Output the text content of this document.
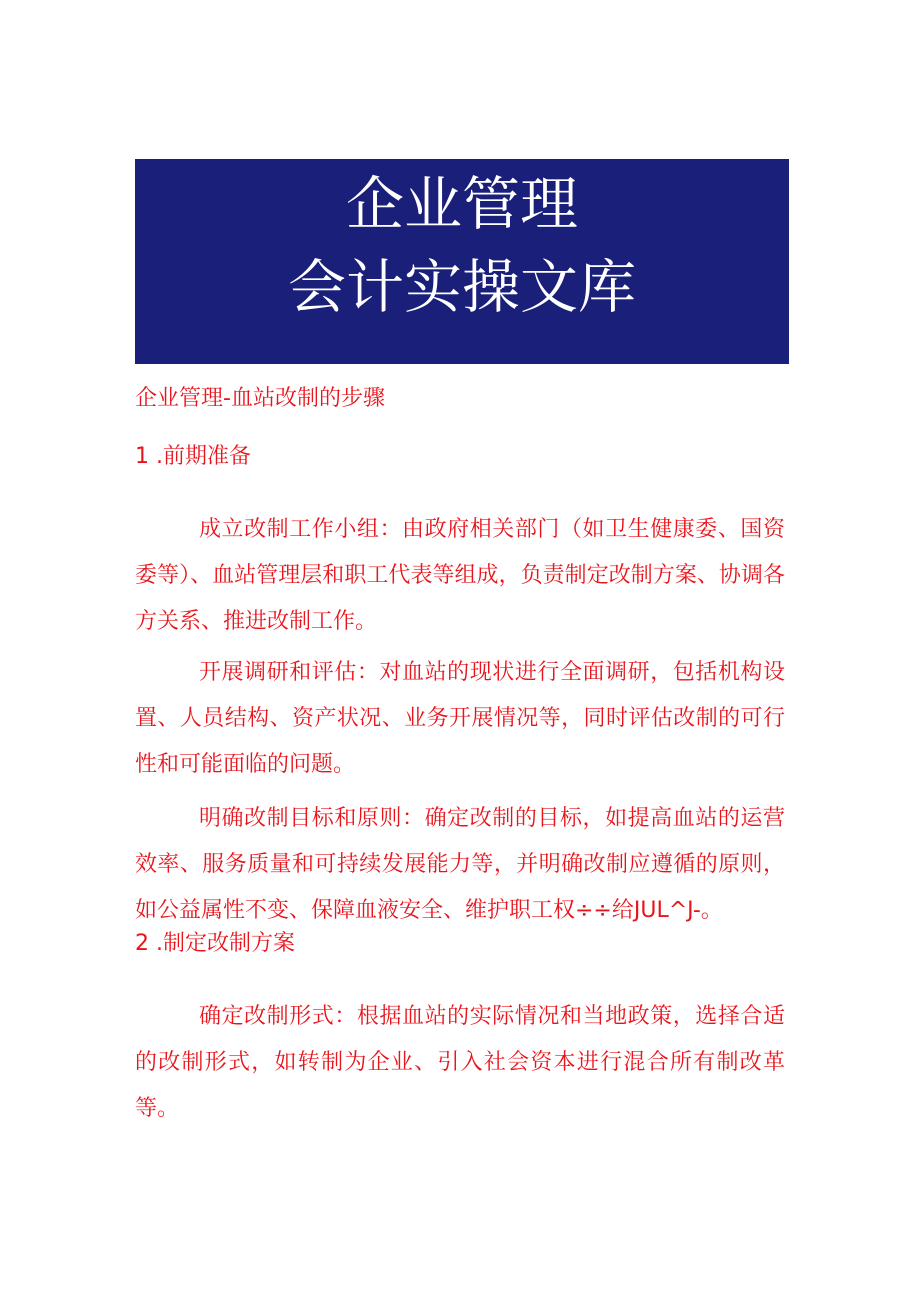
企业管理
会计实操文库
企业管理-血站改制的步骤
1 .前期准备

成立改制工作小组：由政府相关部门（如卫生健康委、国资委等）、血站管理层和职工代表等组成，负责制定改制方案、协调各方关系、推进改制工作。

开展调研和评估：对血站的现状进行全面调研，包括机构设置、人员结构、资产状况、业务开展情况等，同时评估改制的可行性和可能面临的问题。

明确改制目标和原则：确定改制的目标，如提高血站的运营效率、服务质量和可持续发展能力等，并明确改制应遵循的原则，如公益属性不变、保障血液安全、维护职工权÷÷给JUL^J-。

2 .制定改制方案

确定改制形式：根据血站的实际情况和当地政策，选择合适的改制形式，如转制为企业、引入社会资本进行混合所有制改革等。
